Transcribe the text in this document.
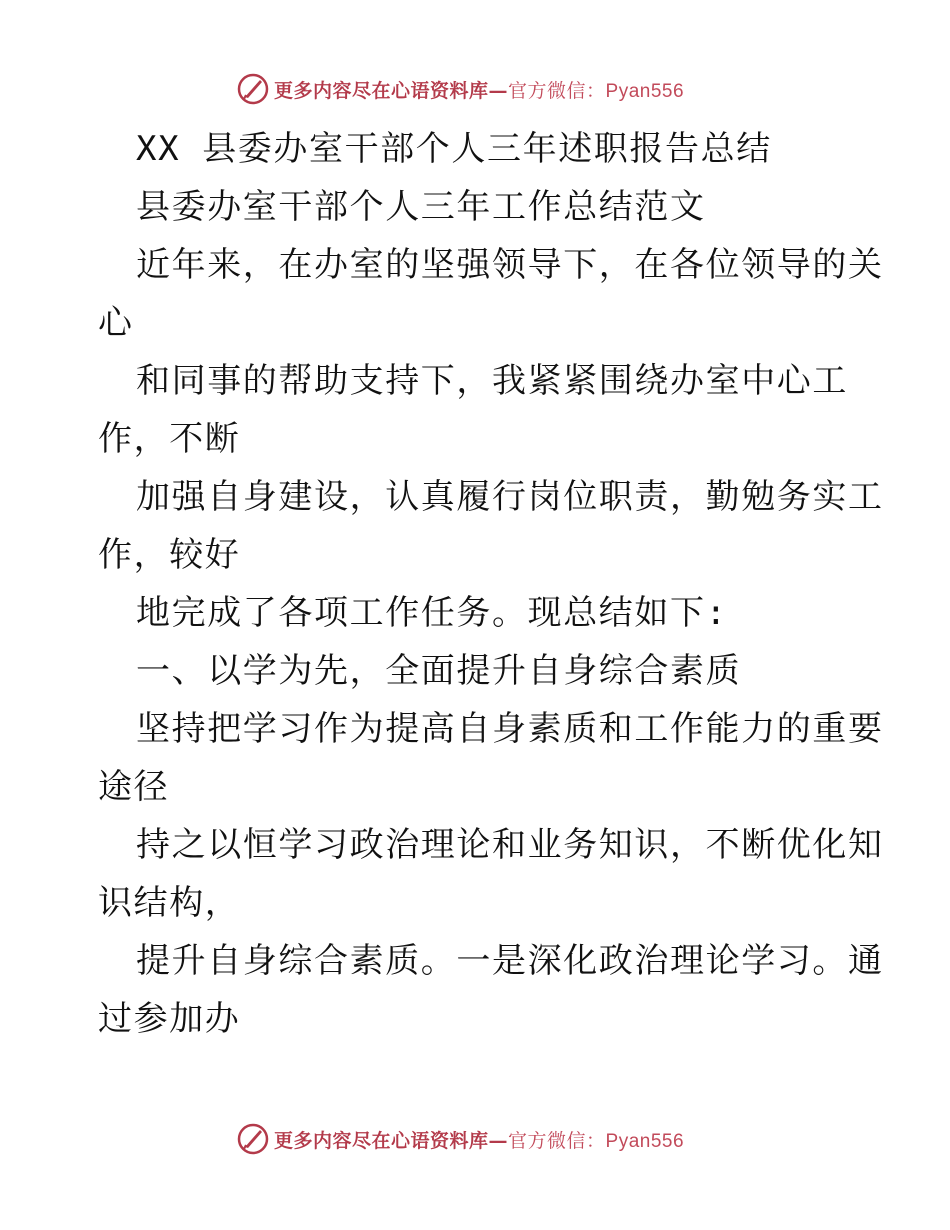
更多内容尽在心语资料库— 官方微信：Pyan556
XX 县委办室干部个人三年述职报告总结
县委办室干部个人三年工作总结范文
近年来，在办室的坚强领导下，在各位领导的关
心
和同事的帮助支持下，我紧紧围绕办室中心工
作，不断
加强自身建设，认真履行岗位职责，勤勉务实工
作，较好
地完成了各项工作任务。现总结如下:
一、以学为先，全面提升自身综合素质
坚持把学习作为提高自身素质和工作能力的重要
途径
持之以恒学习政治理论和业务知识，不断优化知
识结构，
提升自身综合素质。一是深化政治理论学习。通
过参加办
更多内容尽在心语资料库— 官方微信：Pyan556
